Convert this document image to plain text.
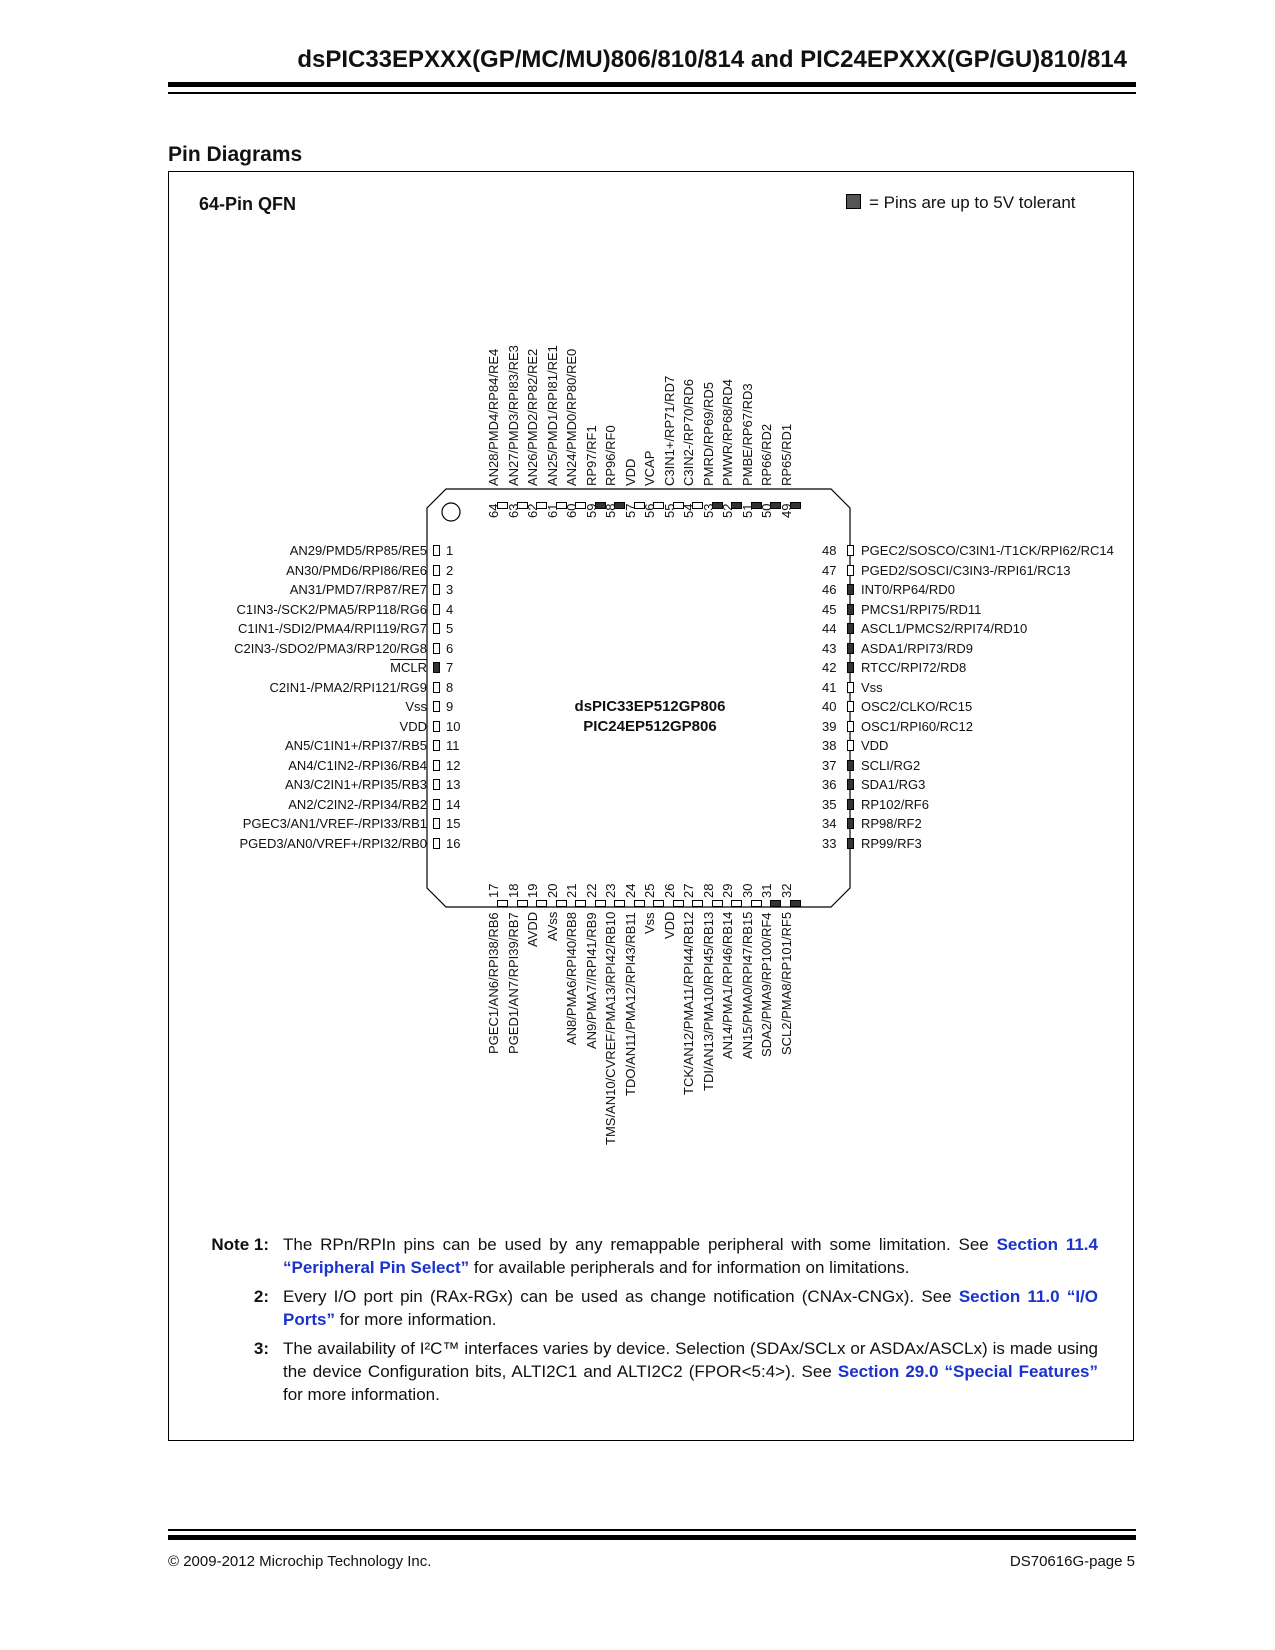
dsPIC33EPXXX(GP/MC/MU)806/810/814 and PIC24EPXXX(GP/GU)810/814
Pin Diagrams
64-Pin QFN	= Pins are up to 5V tolerant
dsPIC33EP512GP806
PIC24EP512GP806
1
AN29/PMD5/RP85/RE5
2
AN30/PMD6/RPI86/RE6
3
AN31/PMD7/RP87/RE7
4
C1IN3-/SCK2/PMA5/RP118/RG6
5
C1IN1-/SDI2/PMA4/RPI119/RG7
6
C2IN3-/SDO2/PMA3/RP120/RG8
7
MCLR
8
C2IN1-/PMA2/RPI121/RG9
9
Vss
10
VDD
11
AN5/C1IN1+/RPI37/RB5
12
AN4/C1IN2-/RPI36/RB4
13
AN3/C2IN1+/RPI35/RB3
14
AN2/C2IN2-/RPI34/RB2
15
PGEC3/AN1/VREF-/RPI33/RB1
16
PGED3/AN0/VREF+/RPI32/RB0
48 PGEC2/SOSCO/C3IN1-/T1CK/RPI62/RC14
47 PGED2/SOSCI/C3IN3-/RPI61/RC13
46 INT0/RP64/RD0
45 PMCS1/RPI75/RD11
44 ASCL1/PMCS2/RPI74/RD10
43 ASDA1/RPI73/RD9
42 RTCC/RPI72/RD8
41 Vss
40 OSC2/CLKO/RC15
39 OSC1/RPI60/RC12
38 VDD
37 SCLI/RG2
36 SDA1/RG3
35 RP102/RF6
34 RP98/RF2
33 RP99/RF3
64
AN28/PMD4/RP84/RE4
63
AN27/PMD3/RPI83/RE3
62
AN26/PMD2/RP82/RE2
61
AN25/PMD1/RPI81/RE1
60
AN24/PMD0/RP80/RE0
59
RP97/RF1
58
RP96/RF0
57
VDD
56
VCAP
55
C3IN1+/RP71/RD7
54
C3IN2-/RP70/RD6
53
PMRD/RP69/RD5
52
PMWR/RP68/RD4
51
PMBE/RP67/RD3
50
RP66/RD2
49
RP65/RD1
17
PGEC1/AN6/RPI38/RB6
18
PGED1/AN7/RPI39/RB7
19
AVDD
20
AVss
21
AN8/PMA6/RPI40/RB8
22
AN9/PMA7//RPI41/RB9
23
TMS/AN10/CVREF/PMA13/RPI42/RB10
24
TDO/AN11/PMA12/RPI43/RB11
25
Vss
26
VDD
27
TCK/AN12/PMA11/RPI44/RB12
28
TDI/AN13/PMA10/RPI45/RB13
29
AN14/PMA1/RPI46/RB14
30
AN15/PMA0/RPI47/RB15
31
SDA2/PMA9/RP100/RF4
32
SCL2/PMA8/RP101/RF5
Note 1: The RPn/RPIn pins can be used by any remappable peripheral with some limitation. See Section 11.4 “Peripheral Pin Select” for available peripherals and for information on limitations.
2: Every I/O port pin (RAx-RGx) can be used as change notification (CNAx-CNGx). See Section 11.0 “I/O Ports” for more information.
3: The availability of I²C™ interfaces varies by device. Selection (SDAx/SCLx or ASDAx/ASCLx) is made using the device Configuration bits, ALTI2C1 and ALTI2C2 (FPOR<5:4>). See Section 29.0 “Special Features” for more information.
© 2009-2012 Microchip Technology Inc.	DS70616G-page 5
